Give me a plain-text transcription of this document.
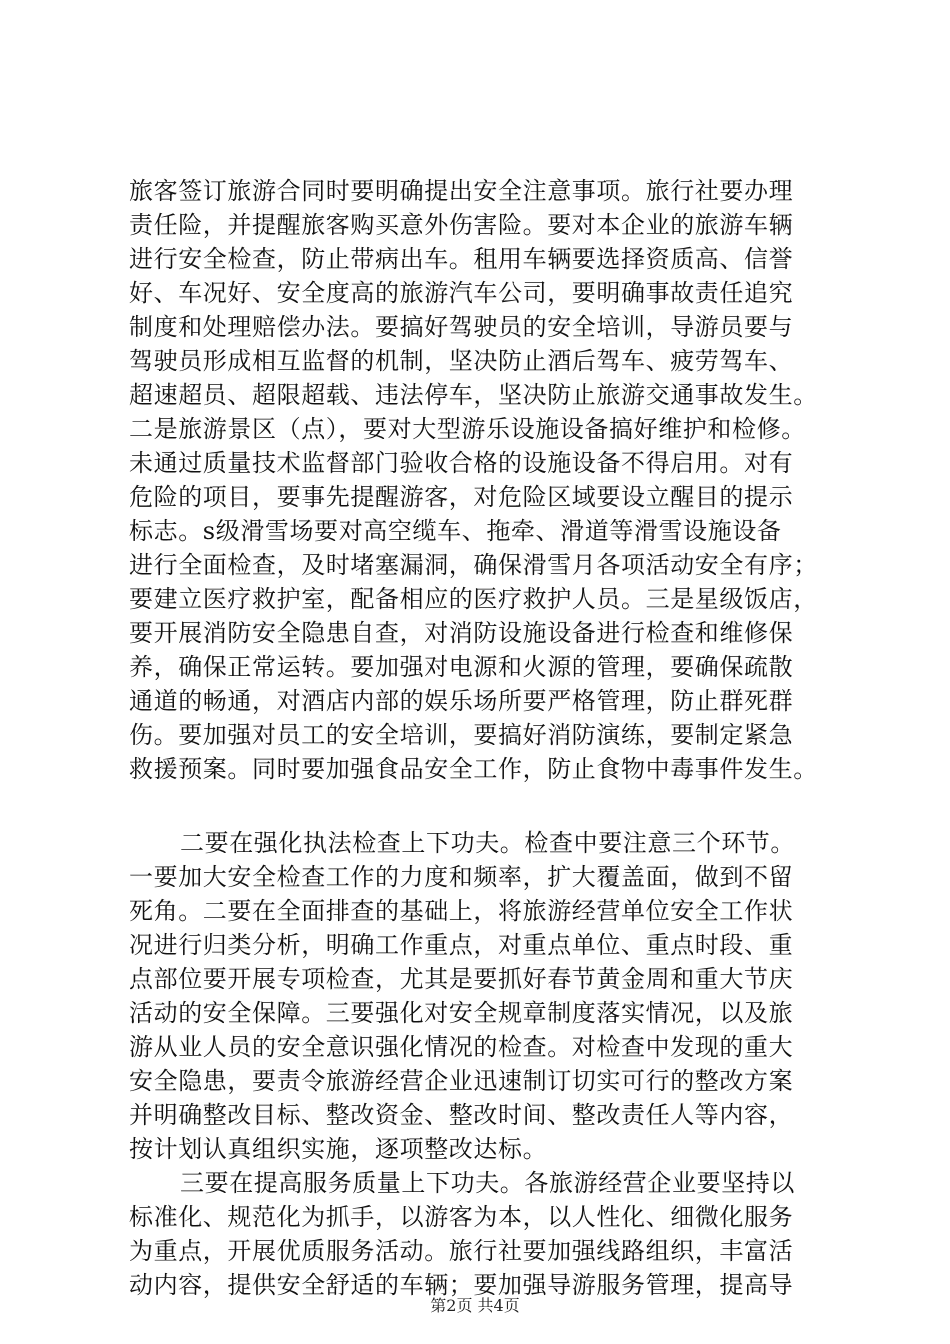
旅客签订旅游合同时要明确提出安全注意事项。旅行社要办理
责任险，并提醒旅客购买意外伤害险。要对本企业的旅游车辆
进行安全检查，防止带病出车。租用车辆要选择资质高、信誉
好、车况好、安全度高的旅游汽车公司，要明确事故责任追究
制度和处理赔偿办法。要搞好驾驶员的安全培训，导游员要与
驾驶员形成相互监督的机制，坚决防止酒后驾车、疲劳驾车、
超速超员、超限超载、违法停车，坚决防止旅游交通事故发生。
二是旅游景区（点），要对大型游乐设施设备搞好维护和检修。
未通过质量技术监督部门验收合格的设施设备不得启用。对有
危险的项目，要事先提醒游客，对危险区域要设立醒目的提示
标志。s级滑雪场要对高空缆车、拖牵、滑道等滑雪设施设备
进行全面检查，及时堵塞漏洞，确保滑雪月各项活动安全有序；
要建立医疗救护室，配备相应的医疗救护人员。三是星级饭店，
要开展消防安全隐患自查，对消防设施设备进行检查和维修保
养，确保正常运转。要加强对电源和火源的管理，要确保疏散
通道的畅通，对酒店内部的娱乐场所要严格管理，防止群死群
伤。要加强对员工的安全培训，要搞好消防演练，要制定紧急
救援预案。同时要加强食品安全工作，防止食物中毒事件发生。
二要在强化执法检查上下功夫。检查中要注意三个环节。
一要加大安全检查工作的力度和频率，扩大覆盖面，做到不留
死角。二要在全面排查的基础上，将旅游经营单位安全工作状
况进行归类分析，明确工作重点，对重点单位、重点时段、重
点部位要开展专项检查，尤其是要抓好春节黄金周和重大节庆
活动的安全保障。三要强化对安全规章制度落实情况，以及旅
游从业人员的安全意识强化情况的检查。对检查中发现的重大
安全隐患，要责令旅游经营企业迅速制订切实可行的整改方案
并明确整改目标、整改资金、整改时间、整改责任人等内容，
按计划认真组织实施，逐项整改达标。
三要在提高服务质量上下功夫。各旅游经营企业要坚持以
标准化、规范化为抓手，以游客为本，以人性化、细微化服务
为重点，开展优质服务活动。旅行社要加强线路组织，丰富活
动内容，提供安全舒适的车辆；要加强导游服务管理，提高导
第2页 共4页
